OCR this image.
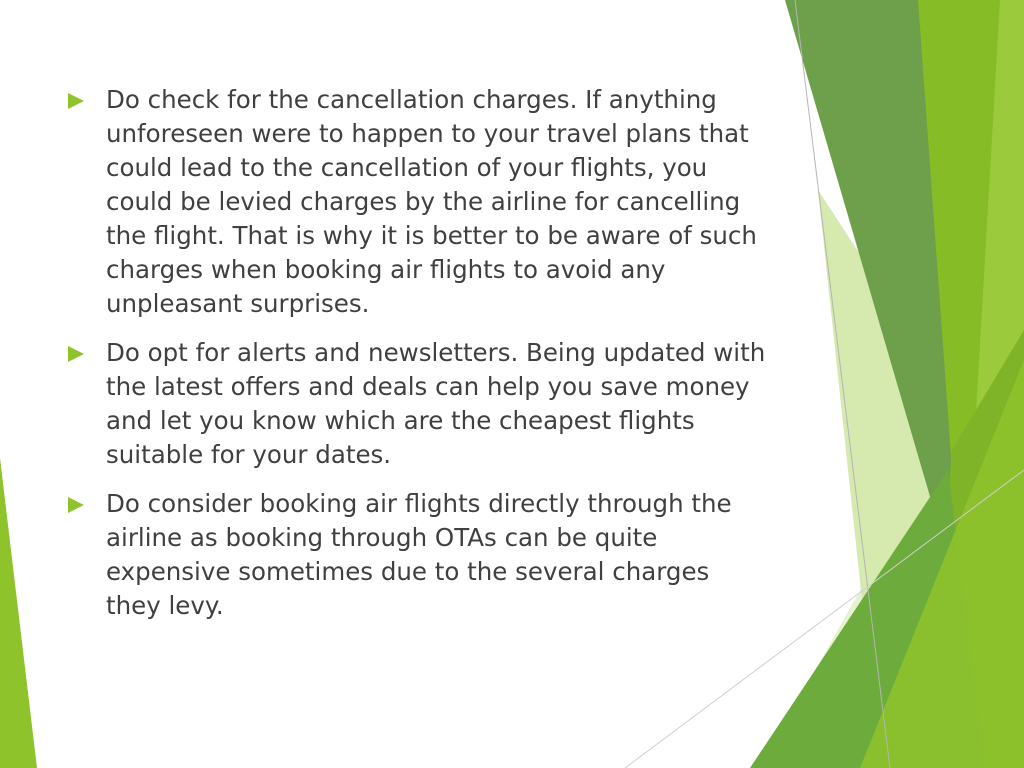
Do check for the cancellation charges. If anything unforeseen were to happen to your travel plans that could lead to the cancellation of your flights, you could be levied charges by the airline for cancelling the flight. That is why it is better to be aware of such charges when booking air flights to avoid any unpleasant surprises.
Do opt for alerts and newsletters. Being updated with the latest offers and deals can help you save money and let you know which are the cheapest flights suitable for your dates.
Do consider booking air flights directly through the airline as booking through OTAs can be quite expensive sometimes due to the several charges they levy.
